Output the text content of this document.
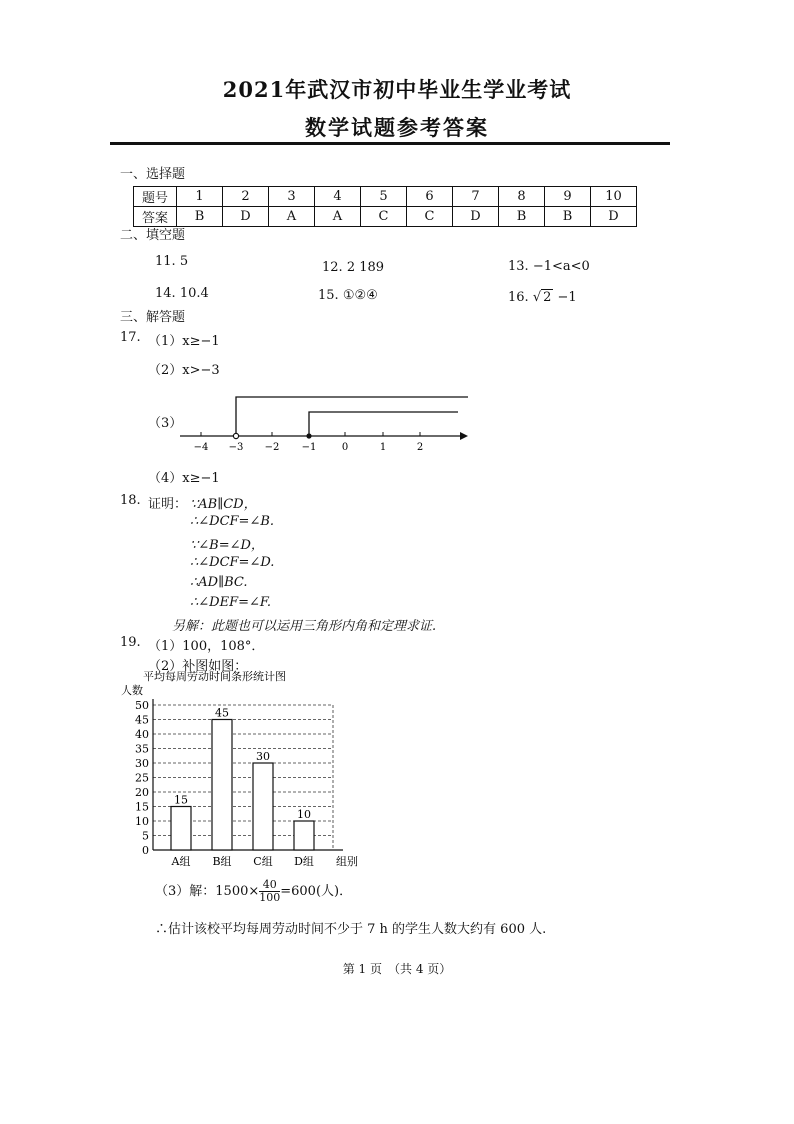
2021年武汉市初中毕业生学业考试
数学试题参考答案
一、选择题
题号	1	2	3	4	5	6	7	8	9	10
答案	B	D	A	A	C	C	D	B	B	D
二、填空题
11. 5	12. 2 189	13. −1<a<0
14. 10.4	15. ①②④	16. √ 2 −1
三、解答题
17. （1）x≥−1
（2）x>−3
（3）
−4 −3 −2 −1	0	1	2
（4）x≥−1
18. 证明： ∵AB∥CD，
∴∠DCF=∠B.
∵∠B=∠D，
∴∠DCF=∠D.
∴AD∥BC.
∴∠DEF=∠F.
另解：此题也可以运用三角形内角和定理求证.
19. （1）100，108°．
（2）补图如图：
平均每周劳动时间条形统计图
人数
0
5
10
15
20
25
30
35
40
45
50
15
A组
45
B组
30
C组
10
D组 组别
（3）解：$1500\times \frac{40}{100} =600$(人)．
∴估计该校平均每周劳动时间不少于 7 h 的学生人数大约有 600 人.
第 1 页　（共 4 页）
